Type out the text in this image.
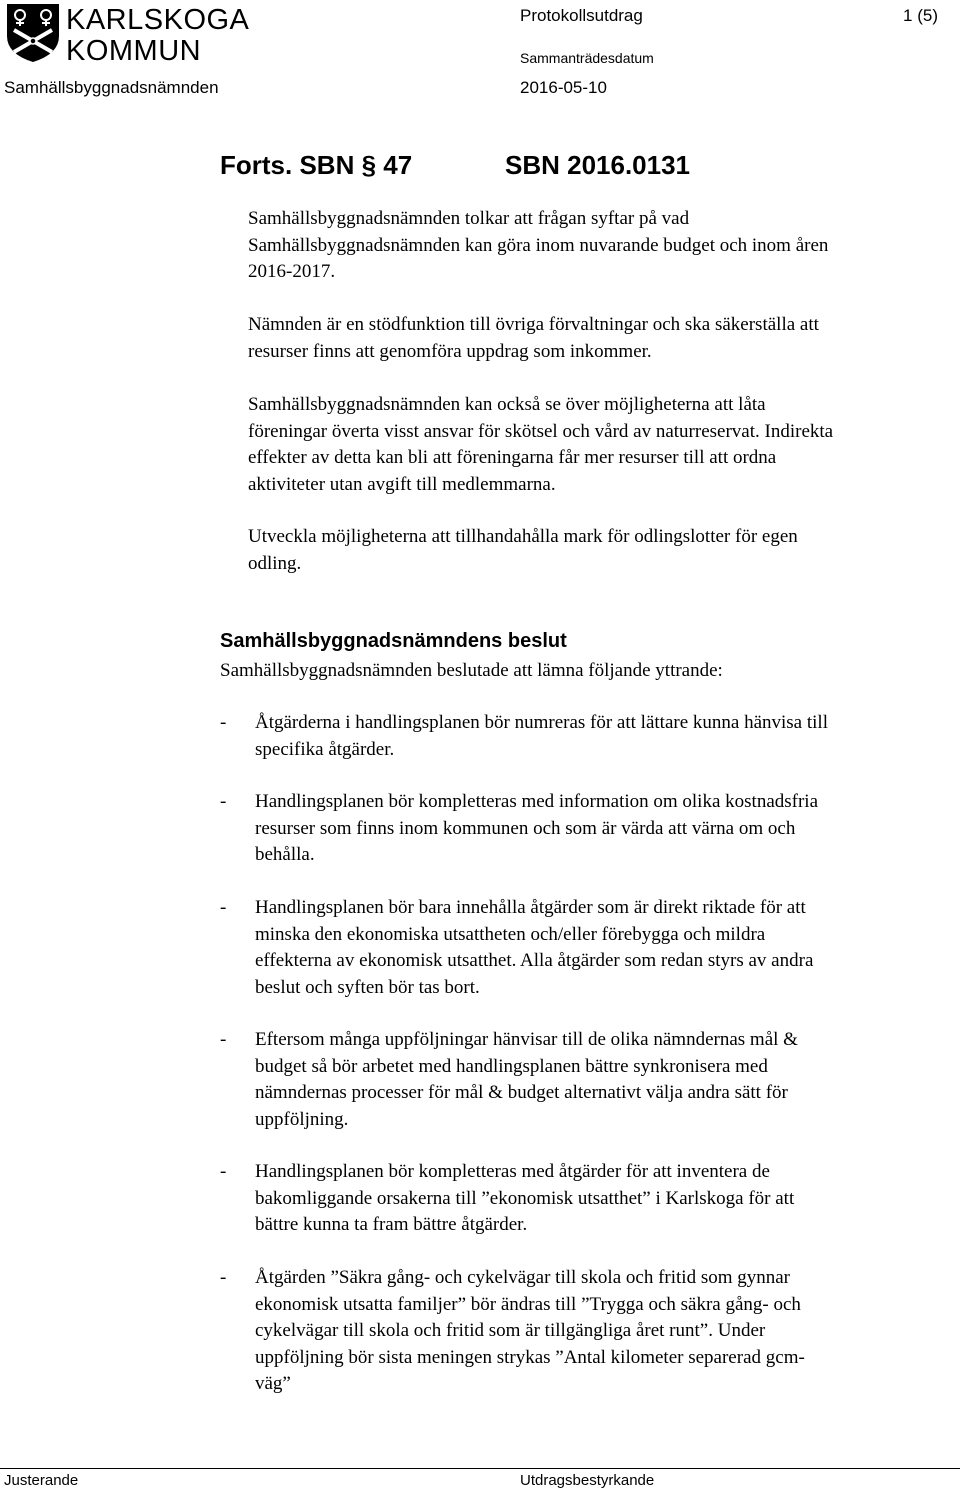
KARLSKOGA
KOMMUN
Protokollsutdrag	1 (5)
Sammanträdesdatum
Samhällsbyggnadsnämnden	2016-05-10
Forts. SBN § 47	SBN 2016.0131
Samhällsbyggnadsnämnden tolkar att frågan syftar på vad
Samhällsbyggnadsnämnden kan göra inom nuvarande budget och inom åren
2016-2017.
Nämnden är en stödfunktion till övriga förvaltningar och ska säkerställa att
resurser finns att genomföra uppdrag som inkommer.
Samhällsbyggnadsnämnden kan också se över möjligheterna att låta
föreningar överta visst ansvar för skötsel och vård av naturreservat. Indirekta
effekter av detta kan bli att föreningarna får mer resurser till att ordna
aktiviteter utan avgift till medlemmarna.
Utveckla möjligheterna att tillhandahålla mark för odlingslotter för egen
odling.
Samhällsbyggnadsnämndens beslut
Samhällsbyggnadsnämnden beslutade att lämna följande yttrande:
- Åtgärderna i handlingsplanen bör numreras för att lättare kunna hänvisa till
specifika åtgärder.
- Handlingsplanen bör kompletteras med information om olika kostnadsfria
resurser som finns inom kommunen och som är värda att värna om och
behålla.
- Handlingsplanen bör bara innehålla åtgärder som är direkt riktade för att
minska den ekonomiska utsattheten och/eller förebygga och mildra
effekterna av ekonomisk utsatthet. Alla åtgärder som redan styrs av andra
beslut och syften bör tas bort.
- Eftersom många uppföljningar hänvisar till de olika nämndernas mål &
budget så bör arbetet med handlingsplanen bättre synkronisera med
nämndernas processer för mål & budget alternativt välja andra sätt för
uppföljning.
- Handlingsplanen bör kompletteras med åtgärder för att inventera de
bakomliggande orsakerna till ”ekonomisk utsatthet” i Karlskoga för att
bättre kunna ta fram bättre åtgärder.
- Åtgärden ”Säkra gång- och cykelvägar till skola och fritid som gynnar
ekonomisk utsatta familjer” bör ändras till ”Trygga och säkra gång- och
cykelvägar till skola och fritid som är tillgängliga året runt”. Under
uppföljning bör sista meningen strykas ”Antal kilometer separerad gcm-
väg”
Justerande	Utdragsbestyrkande
